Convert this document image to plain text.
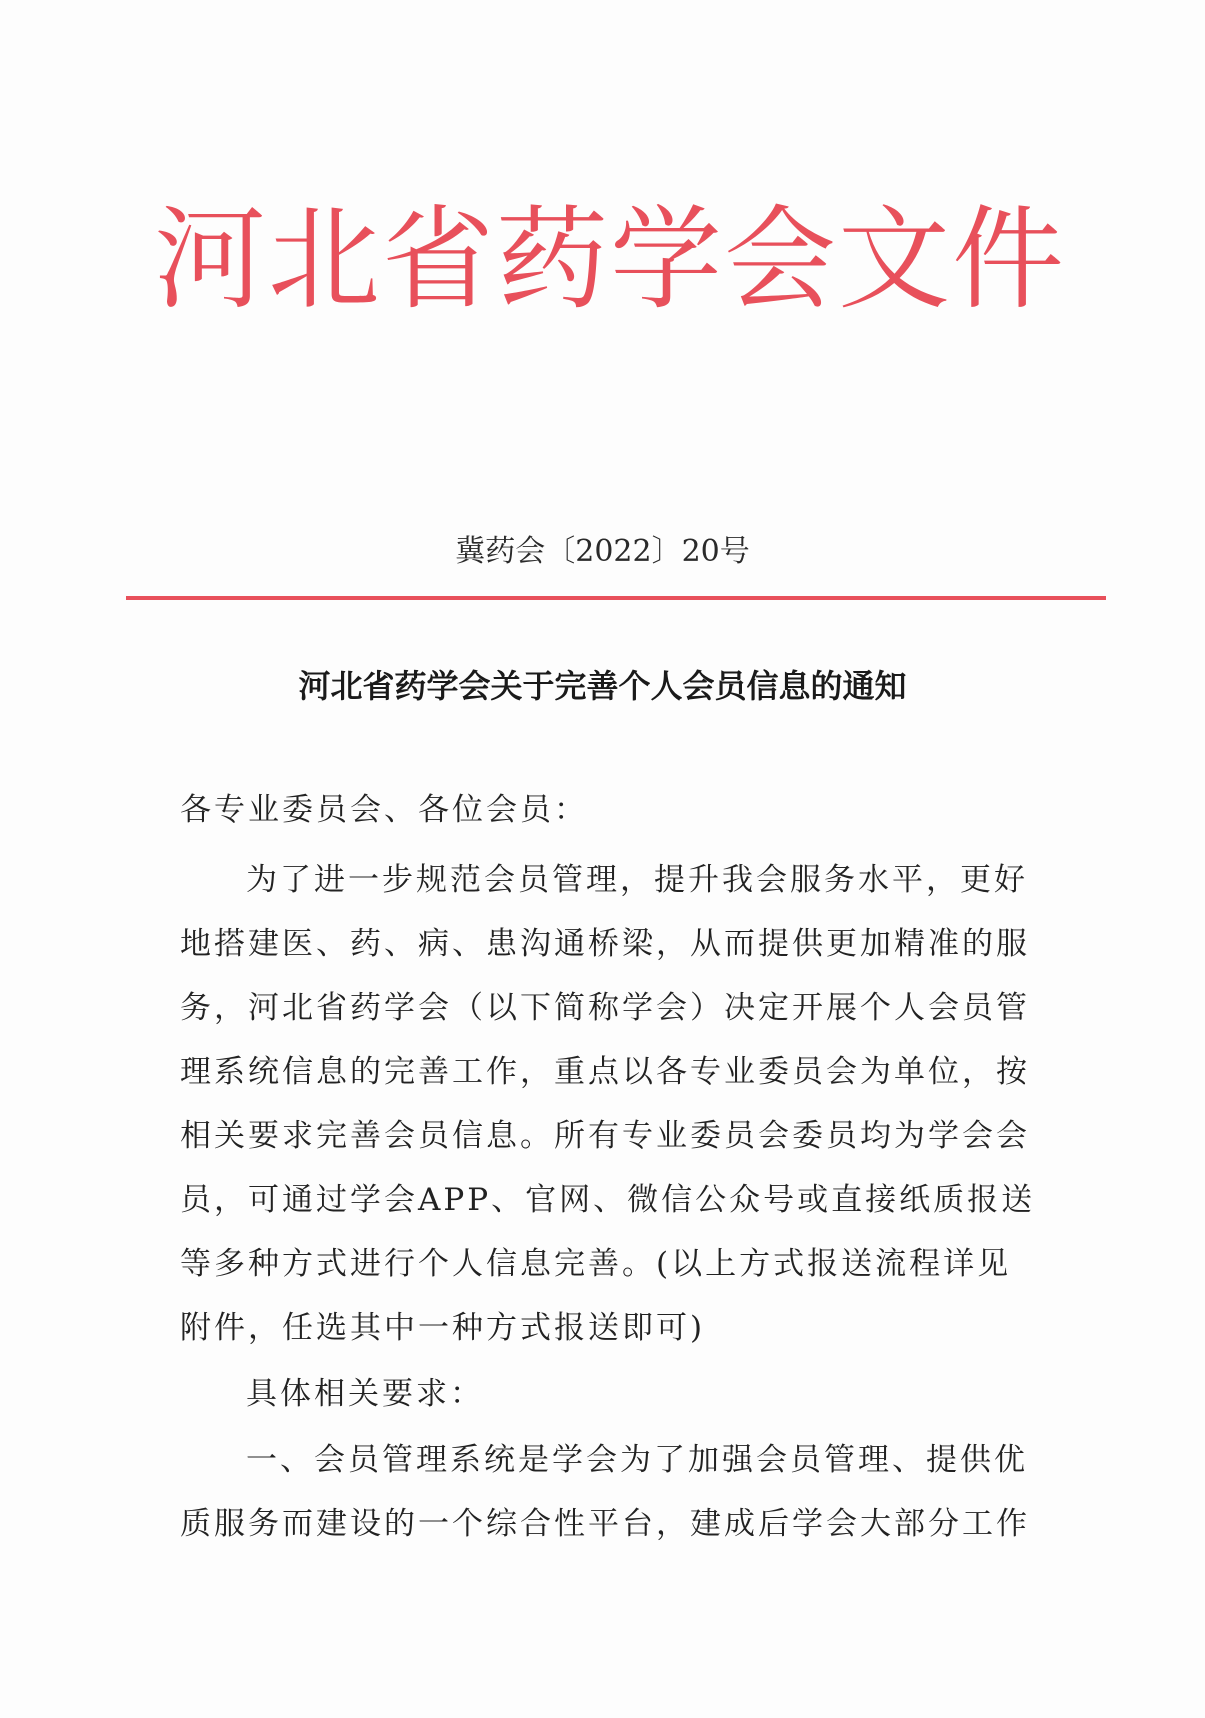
河北省药学会文件
冀药会〔2022〕20号
河北省药学会关于完善个人会员信息的通知
各专业委员会、各位会员：
为了进一步规范会员管理，提升我会服务水平，更好地搭建医、药、病、患沟通桥梁，从而提供更加精准的服务，河北省药学会（以下简称学会）决定开展个人会员管理系统信息的完善工作，重点以各专业委员会为单位，按相关要求完善会员信息。所有专业委员会委员均为学会会员，可通过学会APP、官网、微信公众号或直接纸质报送等多种方式进行个人信息完善。(以上方式报送流程详见附件，任选其中一种方式报送即可)
具体相关要求：
一、会员管理系统是学会为了加强会员管理、提供优质服务而建设的一个综合性平台，建成后学会大部分工作
